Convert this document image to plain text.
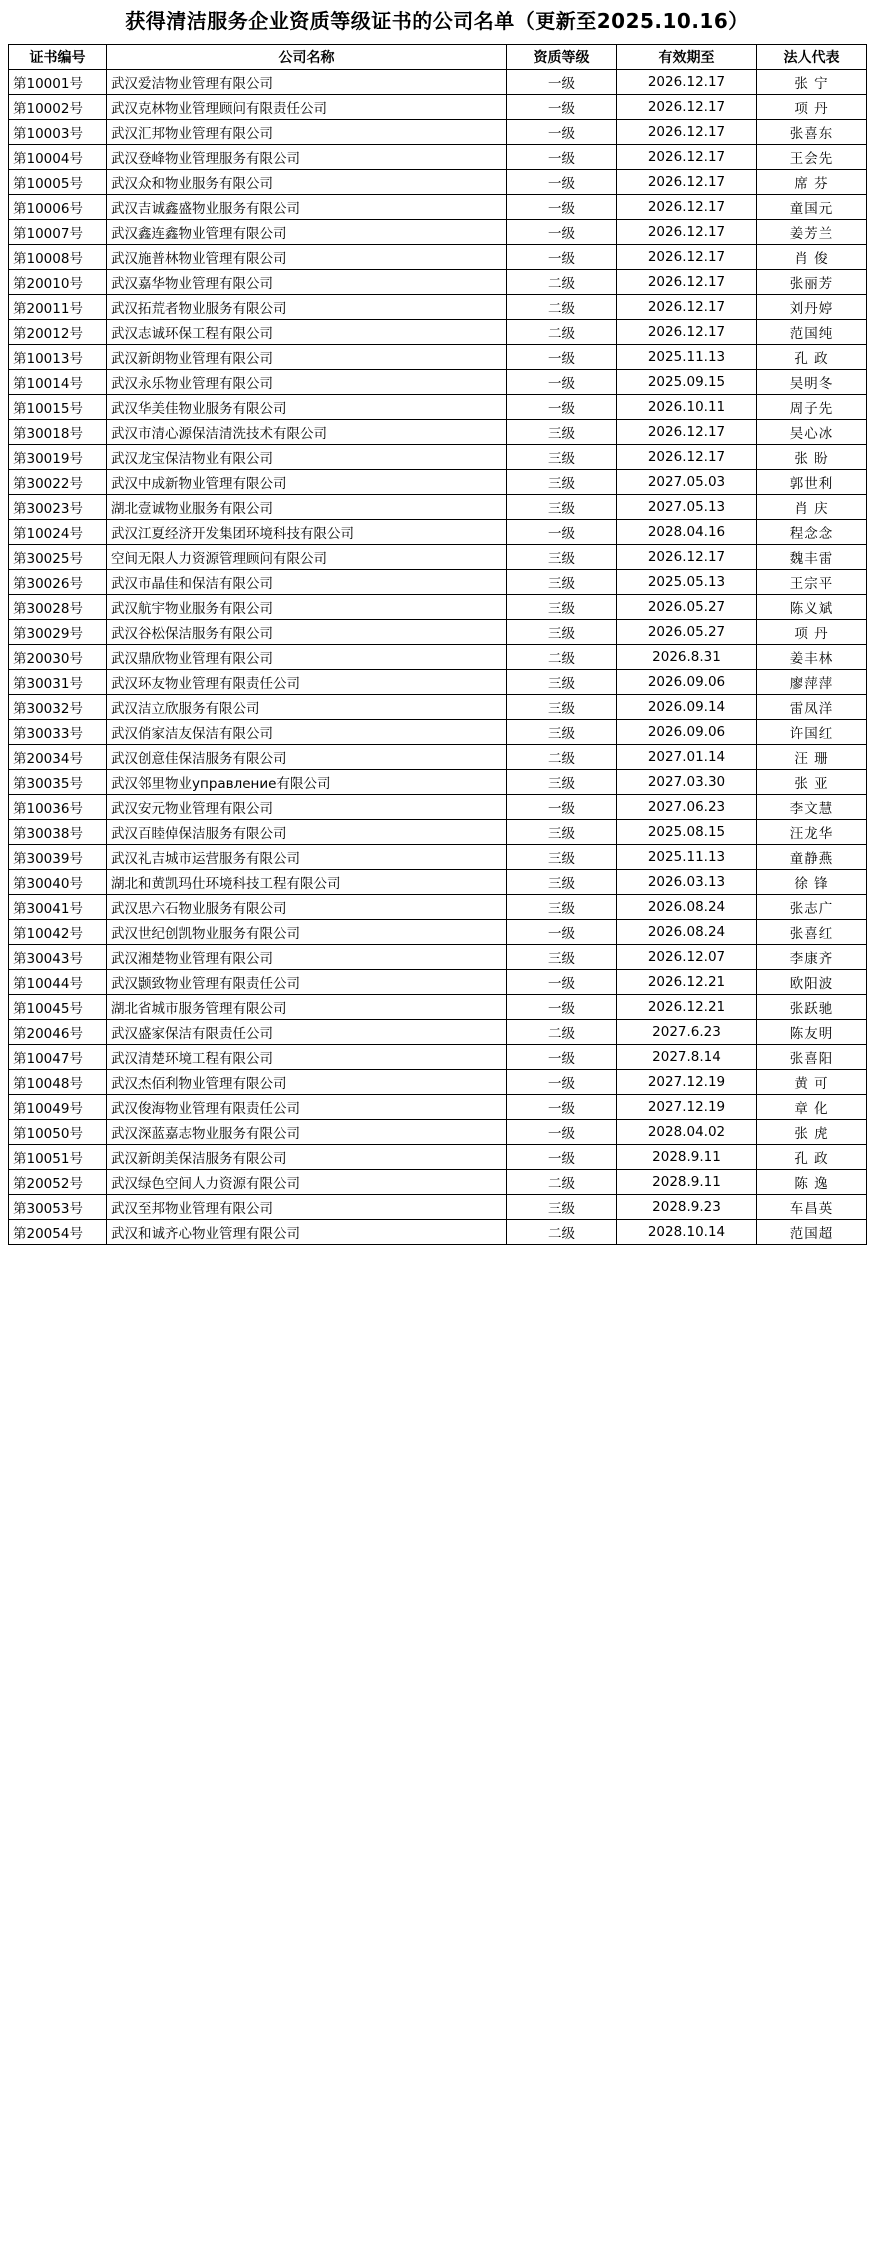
获得清洁服务企业资质等级证书的公司名单（更新至2025.10.16）
证书编号	公司名称	资质等级	有效期至	法人代表
第10001号	武汉爱洁物业管理有限公司	一级	2026.12.17	张 宁
第10002号	武汉克林物业管理顾问有限责任公司	一级	2026.12.17	项 丹
第10003号	武汉汇邦物业管理有限公司	一级	2026.12.17	张喜东
第10004号	武汉登峰物业管理服务有限公司	一级	2026.12.17	王会先
第10005号	武汉众和物业服务有限公司	一级	2026.12.17	席 芬
第10006号	武汉吉诚鑫盛物业服务有限公司	一级	2026.12.17	童国元
第10007号	武汉鑫连鑫物业管理有限公司	一级	2026.12.17	姜芳兰
第10008号	武汉施普林物业管理有限公司	一级	2026.12.17	肖 俊
第20010号	武汉嘉华物业管理有限公司	二级	2026.12.17	张丽芳
第20011号	武汉拓荒者物业服务有限公司	二级	2026.12.17	刘丹婷
第20012号	武汉志诚环保工程有限公司	二级	2026.12.17	范国纯
第10013号	武汉新朗物业管理有限公司	一级	2025.11.13	孔 政
第10014号	武汉永乐物业管理有限公司	一级	2025.09.15	吴明冬
第10015号	武汉华美佳物业服务有限公司	一级	2026.10.11	周子先
第30018号	武汉市清心源保洁清洗技术有限公司	三级	2026.12.17	吴心冰
第30019号	武汉龙宝保洁物业有限公司	三级	2026.12.17	张 盼
第30022号	武汉中成新物业管理有限公司	三级	2027.05.03	郭世利
第30023号	湖北壹诚物业服务有限公司	三级	2027.05.13	肖 庆
第10024号	武汉江夏经济开发集团环境科技有限公司	一级	2028.04.16	程念念
第30025号	空间无限人力资源管理顾问有限公司	三级	2026.12.17	魏丰雷
第30026号	武汉市晶佳和保洁有限公司	三级	2025.05.13	王宗平
第30028号	武汉航宇物业服务有限公司	三级	2026.05.27	陈义斌
第30029号	武汉谷松保洁服务有限公司	三级	2026.05.27	项 丹
第20030号	武汉鼎欣物业管理有限公司	二级	2026.8.31	姜丰林
第30031号	武汉环友物业管理有限责任公司	三级	2026.09.06	廖萍萍
第30032号	武汉洁立欣服务有限公司	三级	2026.09.14	雷凤洋
第30033号	武汉俏家洁友保洁有限公司	三级	2026.09.06	许国红
第20034号	武汉创意佳保洁服务有限公司	二级	2027.01.14	汪 珊
第30035号	武汉邻里物业управление有限公司	三级	2027.03.30	张 亚
第10036号	武汉安元物业管理有限公司	一级	2027.06.23	李文慧
第30038号	武汉百睦倬保洁服务有限公司	三级	2025.08.15	汪龙华
第30039号	武汉礼吉城市运营服务有限公司	三级	2025.11.13	童静燕
第30040号	湖北和黄凯玛仕环境科技工程有限公司	三级	2026.03.13	徐 锋
第30041号	武汉思六石物业服务有限公司	三级	2026.08.24	张志广
第10042号	武汉世纪创凯物业服务有限公司	一级	2026.08.24	张喜红
第30043号	武汉湘楚物业管理有限公司	三级	2026.12.07	李康齐
第10044号	武汉颢致物业管理有限责任公司	一级	2026.12.21	欧阳波
第10045号	湖北省城市服务管理有限公司	一级	2026.12.21	张跃驰
第20046号	武汉盛家保洁有限责任公司	二级	2027.6.23	陈友明
第10047号	武汉清楚环境工程有限公司	一级	2027.8.14	张喜阳
第10048号	武汉杰佰利物业管理有限公司	一级	2027.12.19	黄 可
第10049号	武汉俊海物业管理有限责任公司	一级	2027.12.19	章 化
第10050号	武汉深蓝嘉志物业服务有限公司	一级	2028.04.02	张 虎
第10051号	武汉新朗美保洁服务有限公司	一级	2028.9.11	孔 政
第20052号	武汉绿色空间人力资源有限公司	二级	2028.9.11	陈 逸
第30053号	武汉至邦物业管理有限公司	三级	2028.9.23	车昌英
第20054号	武汉和诚齐心物业管理有限公司	二级	2028.10.14	范国超
